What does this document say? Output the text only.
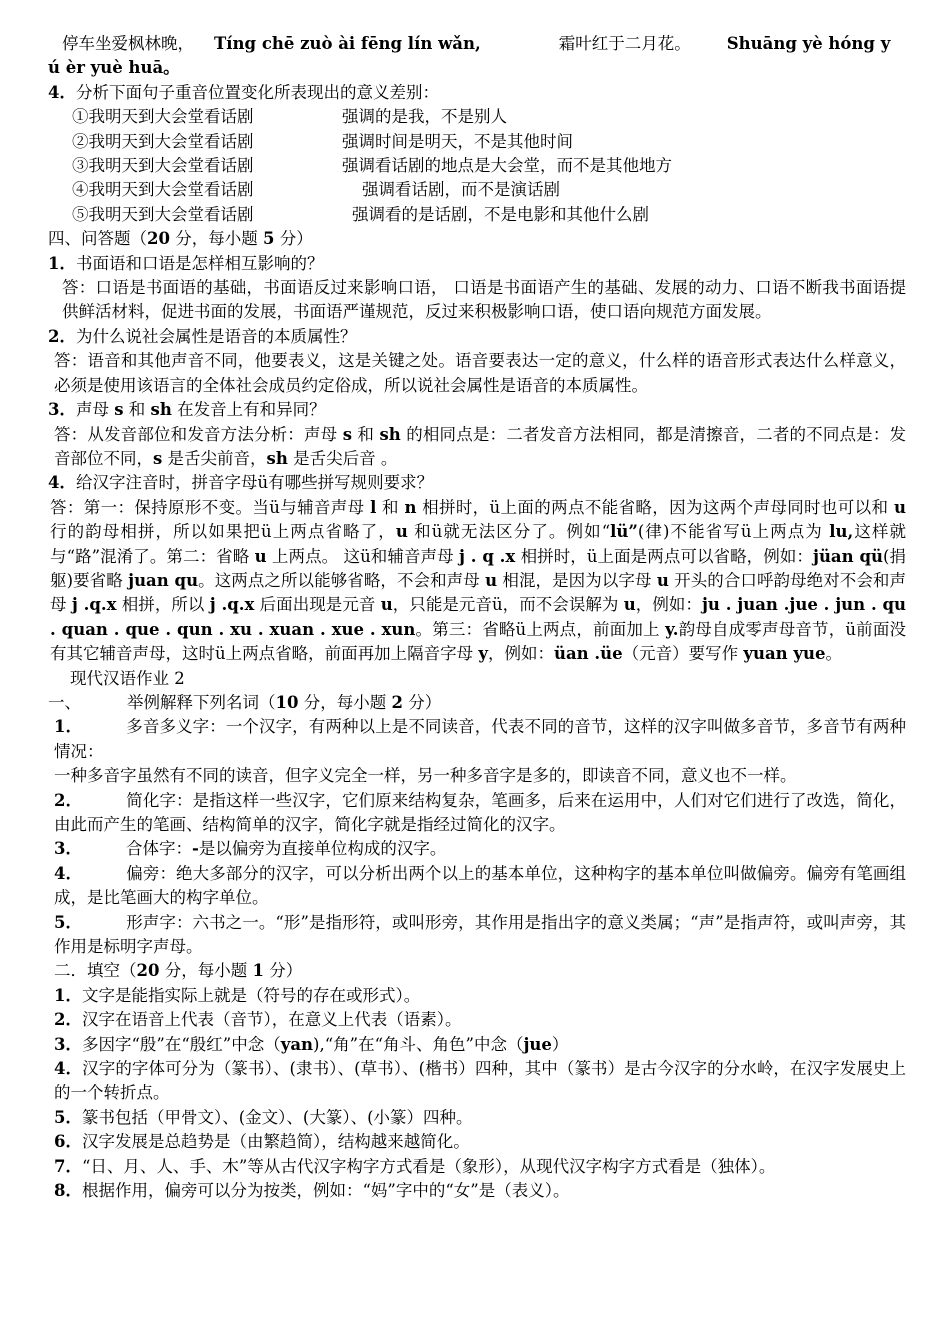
停车坐爱枫林晚， Tíng chē zuò ài fēng lín wǎn,	霜叶红于二月花。 Shuāng yè hóng y
ú èr yuè huā。
4．分析下面句子重音位置变化所表现出的意义差别：
①我明天到大会堂看话剧	强调的是我，不是别人
②我明天到大会堂看话剧	强调时间是明天，不是其他时间
③我明天到大会堂看话剧	强调看话剧的地点是大会堂，而不是其他地方
④我明天到大会堂看话剧	强调看话剧，而不是演话剧
⑤我明天到大会堂看话剧	强调看的是话剧，不是电影和其他什么剧
四、问答题（20 分，每小题 5 分）
1．书面语和口语是怎样相互影响的？
答：口语是书面语的基础，书面语反过来影响口语， 口语是书面语产生的基础、发展的动力、口语不断我书面语提供鲜活材料，促进书面的发展，书面语严谨规范，反过来积极影响口语，使口语向规范方面发展。
2．为什么说社会属性是语音的本质属性？
答：语音和其他声音不同，他要表义，这是关键之处。语音要表达一定的意义，什么样的语音形式表达什么样意义，必须是使用该语言的全体社会成员约定俗成，所以说社会属性是语音的本质属性。
3．声母 s 和 sh 在发音上有和异同？
答：从发音部位和发音方法分析：声母 s 和 sh 的相同点是：二者发音方法相同，都是清擦音，二者的不同点是：发音部位不同，s 是舌尖前音，sh 是舌尖后音 。
4．给汉字注音时，拼音字母ü有哪些拼写规则要求？
答：第一：保持原形不变。当ü与辅音声母 l 和 n 相拼时，ü上面的两点不能省略，因为这两个声母同时也可以和 u 行的韵母相拼，所以如果把ü上两点省略了，u 和ü就无法区分了。例如“lü”(律)不能省写ü上两点为 lu,这样就与“路”混淆了。第二：省略 u 上两点。 这ü和辅音声母 j . q .x 相拼时，ü上面是两点可以省略，例如：jüan qü(捐躯)要省略 juan qu。这两点之所以能够省略，不会和声母 u 相混，是因为以字母 u 开头的合口呼韵母绝对不会和声母 j .q.x 相拼，所以 j .q.x 后面出现是元音 u，只能是元音ü，而不会误解为 u，例如：ju . juan .jue . jun . qu . quan . que . qun . xu . xuan . xue . xun。第三：省略ü上两点，前面加上 y.韵母自成零声母音节，ü前面没有其它辅音声母，这时ü上两点省略，前面再加上隔音字母 y，例如：üan .üe（元音）要写作 yuan yue。
现代汉语作业 2
一、	举例解释下列名词（10 分，每小题 2 分）
1．	多音多义字：一个汉字，有两种以上是不同读音，代表不同的音节，这样的汉字叫做多音节，多音节有两种情况：
一种多音字虽然有不同的读音，但字义完全一样，另一种多音字是多的，即读音不同，意义也不一样。
2．	简化字：是指这样一些汉字，它们原来结构复杂，笔画多，后来在运用中，人们对它们进行了改选，简化，由此而产生的笔画、结构简单的汉字，简化字就是指经过简化的汉字。
3．	合体字：-是以偏旁为直接单位构成的汉字。
4．	偏旁：绝大多部分的汉字，可以分析出两个以上的基本单位，这种构字的基本单位叫做偏旁。偏旁有笔画组成，是比笔画大的构字单位。
5．	形声字：六书之一。“形”是指形符，或叫形旁，其作用是指出字的意义类属；“声”是指声符，或叫声旁，其作用是标明字声母。
二．填空（20 分，每小题 1 分）
1．文字是能指实际上就是（符号的存在或形式）。
2．汉字在语音上代表（音节），在意义上代表（语素）。
3．多因字“殷”在“殷红”中念（yan),“角”在“角斗、角色”中念（jue）
4．汉字的字体可分为（篆书）、(隶书）、(草书）、(楷书）四种，其中（篆书）是古今汉字的分水岭，在汉字发展史上的一个转折点。
5．篆书包括（甲骨文）、(金文）、(大篆）、(小篆）四种。
6．汉字发展是总趋势是（由繁趋简），结构越来越简化。
7．“日、月、人、手、木”等从古代汉字构字方式看是（象形），从现代汉字构字方式看是（独体）。
8．根据作用，偏旁可以分为按类，例如：“妈”字中的“女”是（表义）。
